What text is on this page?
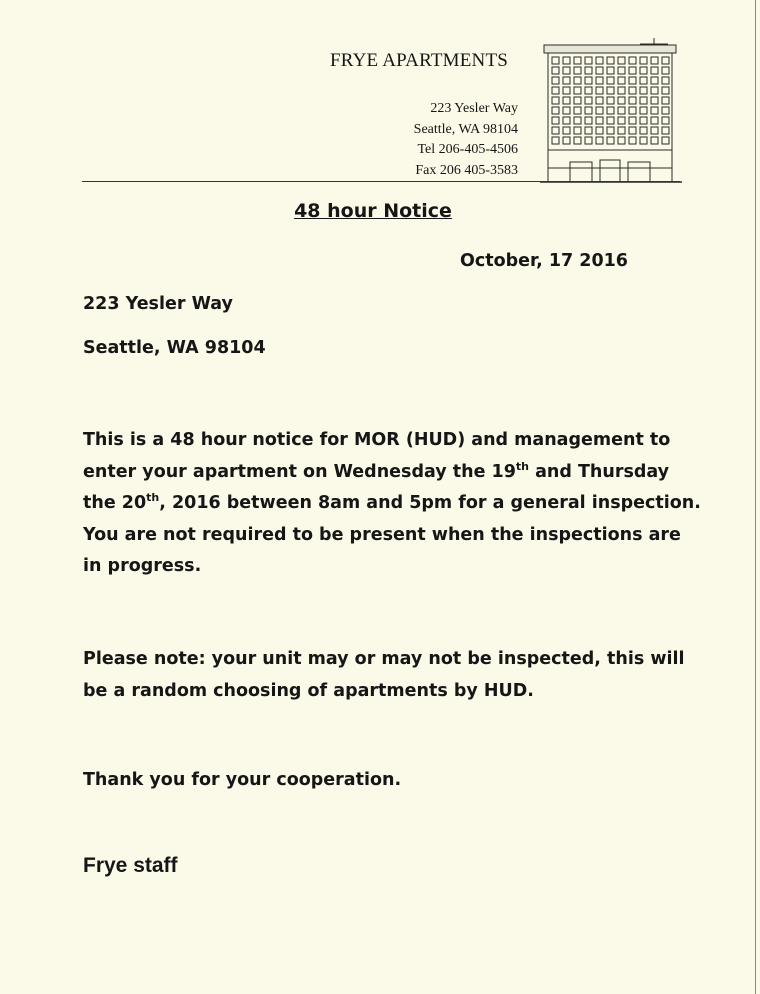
FRYE APARTMENTS
223 Yesler Way
Seattle, WA 98104
Tel 206-405-4506
Fax 206 405-3583
48 hour Notice
October, 17 2016
223 Yesler Way
Seattle, WA 98104
This is a 48 hour notice for MOR (HUD) and management to
enter your apartment on Wednesday the 19th and Thursday
the 20th, 2016 between 8am and 5pm for a general inspection.
You are not required to be present when the inspections are
in progress.
Please note: your unit may or may not be inspected, this will
be a random choosing of apartments by HUD.
Thank you for your cooperation.
Frye staff
